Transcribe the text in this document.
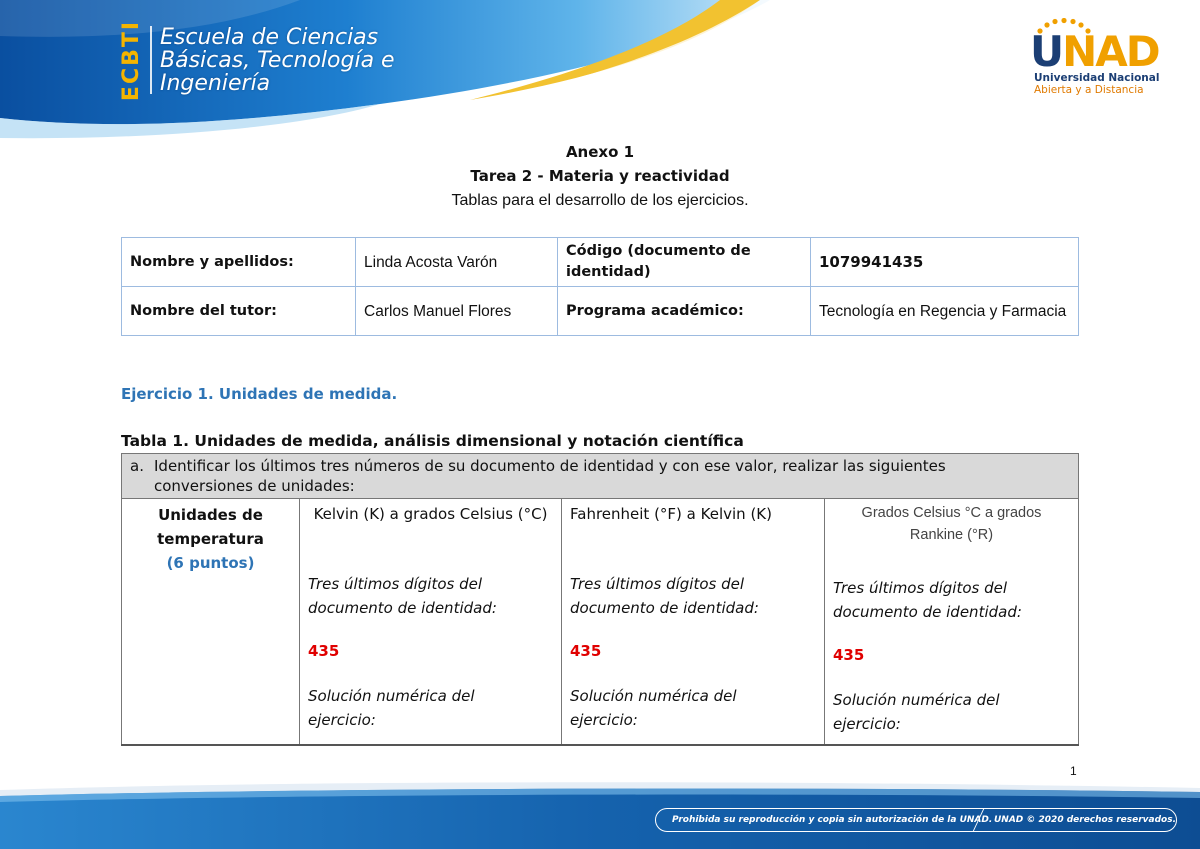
ECBTI Escuela de Ciencias
Básicas, Tecnología e
Ingeniería
UNAD
Universidad Nacional
Abierta y a Distancia
Anexo 1
Tarea 2 - Materia y reactividad
Tablas para el desarrollo de los ejercicios.
Nombre y apellidos:	Linda Acosta Varón	Código (documento de identidad)	1079941435
Nombre del tutor:	Carlos Manuel Flores	Programa académico:	Tecnología en Regencia y Farmacia
Ejercicio 1. Unidades de medida.
Tabla 1. Unidades de medida, análisis dimensional y notación científica
a. Identificar los últimos tres números de su documento de identidad y con ese valor, realizar las siguientes
conversiones de unidades:

Unidades de
temperatura
(6 puntos)

Kelvin (K) a grados Celsius (°C)
Tres últimos dígitos del
documento de identidad:
435
Solución numérica del
ejercicio:

Fahrenheit (°F) a Kelvin (K)
Tres últimos dígitos del
documento de identidad:
435
Solución numérica del
ejercicio:

Grados Celsius °C a grados Rankine (°R)
Tres últimos dígitos del
documento de identidad:
435
Solución numérica del
ejercicio:
1
Prohibida su reproducción y copia sin autorización de la UNAD. UNAD © 2020 derechos reservados.
